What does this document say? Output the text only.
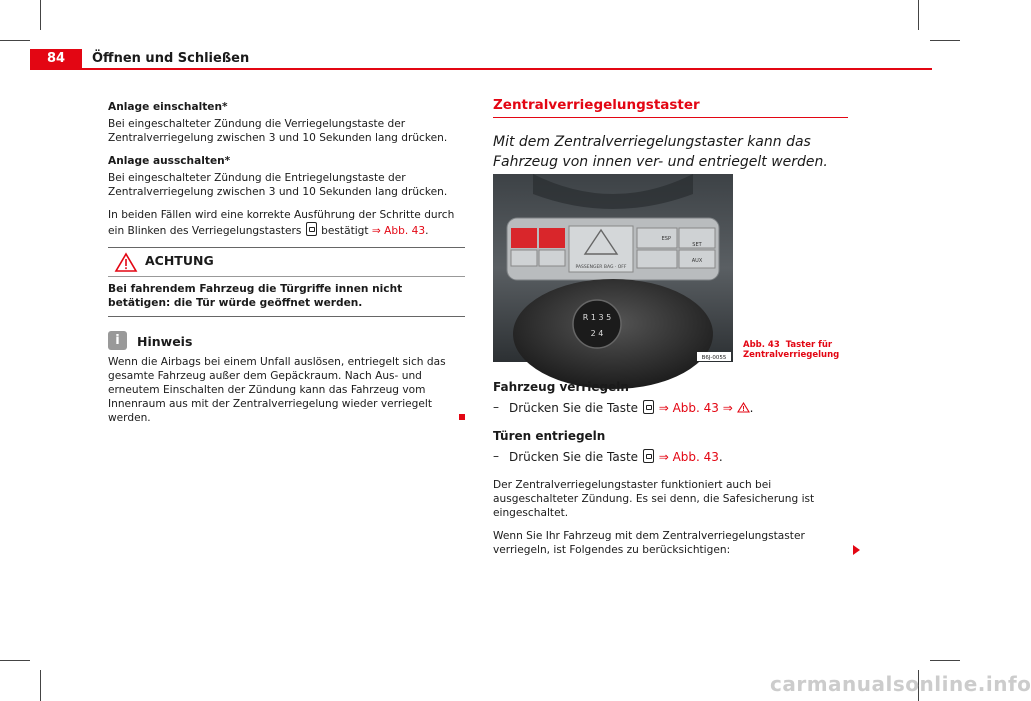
84	Öffnen und Schließen

Anlage einschalten*

Bei eingeschalteter Zündung die Verriegelungstaste der Zentralverriegelung zwischen 3 und 10 Sekunden lang drücken.

Anlage ausschalten*

Bei eingeschalteter Zündung die Entriegelungstaste der Zentralverriegelung zwischen 3 und 10 Sekunden lang drücken.

In beiden Fällen wird eine korrekte Ausführung der Schritte durch ein Blinken des Verriegelungstasters bestätigt ⇒ Abb. 43.

ACHTUNG
Bei fahrendem Fahrzeug die Türgriffe innen nicht betätigen: die Tür würde geöffnet werden.
i	Hinweis

Wenn die Airbags bei einem Unfall auslösen, entriegelt sich das gesamte Fahrzeug außer dem Gepäckraum. Nach Aus- und erneutem Einschalten der Zündung kann das Fahrzeug vom Innenraum aus mit der Zentralverriegelung wieder verriegelt werden.

Zentralverriegelungstaster

Mit dem Zentralverriegelungstaster kann das Fahrzeug von innen ver- und entriegelt werden.

PASSENGER BAG · OFF
ESP
SET
AUX
R 1 3 5
2 4
B6J-0055
Abb. 43 Taster für Zentralverriegelung

Fahrzeug verriegeln

– Drücken Sie die Taste ⇒ Abb. 43 ⇒ .

Türen entriegeln

– Drücken Sie die Taste ⇒ Abb. 43.

Der Zentralverriegelungstaster funktioniert auch bei ausgeschalteter Zündung. Es sei denn, die Safesicherung ist eingeschaltet.

Wenn Sie Ihr Fahrzeug mit dem Zentralverriegelungstaster verriegeln, ist Folgendes zu berücksichtigen:

carmanualsonline.info
